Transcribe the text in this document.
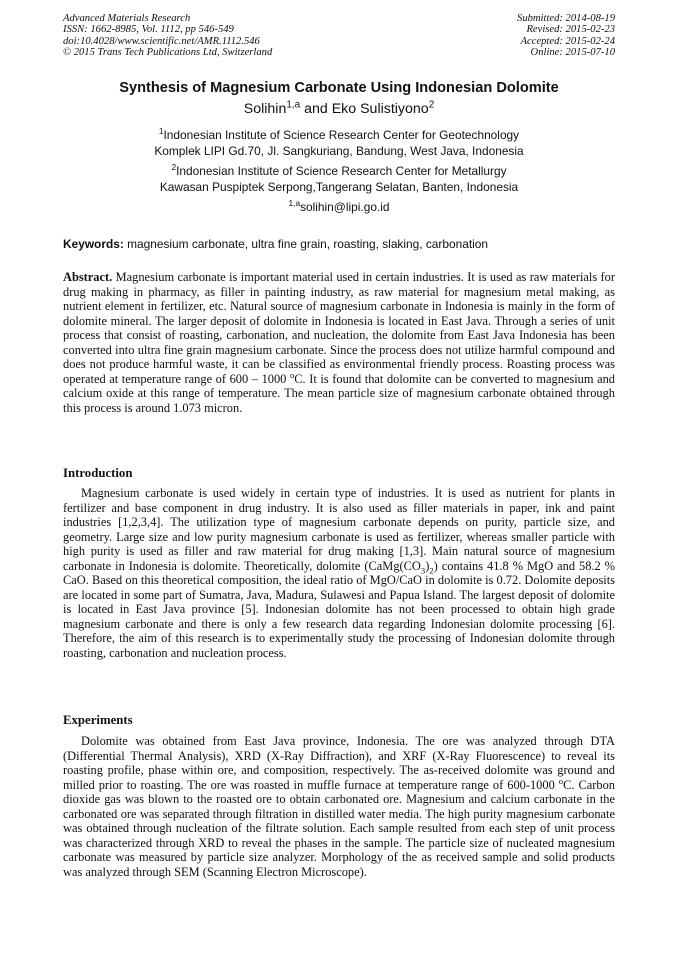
Advanced Materials Research
ISSN: 1662-8985, Vol. 1112, pp 546-549
doi:10.4028/www.scientific.net/AMR.1112.546
© 2015 Trans Tech Publications Ltd, Switzerland
Submitted: 2014-08-19
Revised: 2015-02-23
Accepted: 2015-02-24
Online: 2015-07-10
Synthesis of Magnesium Carbonate Using Indonesian Dolomite
Solihin$^{1,a}$ and Eko Sulistiyono$^2$
$^1$Indonesian Institute of Science Research Center for Geotechnology
Komplek LIPI Gd.70, Jl. Sangkuriang, Bandung, West Java, Indonesia
$^2$Indonesian Institute of Science Research Center for Metallurgy
Kawasan Puspiptek Serpong,Tangerang Selatan, Banten, Indonesia
$^{1,a}$solihin@lipi.go.id
Keywords: magnesium carbonate, ultra fine grain, roasting, slaking, carbonation
Abstract. Magnesium carbonate is important material used in certain industries. It is used as raw materials for drug making in pharmacy, as filler in painting industry, as raw material for magnesium metal making, as nutrient element in fertilizer, etc. Natural source of magnesium carbonate in Indonesia is mainly in the form of dolomite mineral. The larger deposit of dolomite in Indonesia is located in East Java. Through a series of unit process that consist of roasting, carbonation, and nucleation, the dolomite from East Java Indonesia has been converted into ultra fine grain magnesium carbonate. Since the process does not utilize harmful compound and does not produce harmful waste, it can be classified as environmental friendly process. Roasting process was operated at temperature range of 600 – 1000 $^o$C. It is found that dolomite can be converted to magnesium and calcium oxide at this range of temperature. The mean particle size of magnesium carbonate obtained through this process is around 1.073 micron.
Introduction
Magnesium carbonate is used widely in certain type of industries. It is used as nutrient for plants in fertilizer and base component in drug industry. It is also used as filler materials in paper, ink and paint industries [1,2,3,4]. The utilization type of magnesium carbonate depends on purity, particle size, and geometry. Large size and low purity magnesium carbonate is used as fertilizer, whereas smaller particle with high purity is used as filler and raw material for drug making [1,3]. Main natural source of magnesium carbonate in Indonesia is dolomite. Theoretically, dolomite $(CaMg(CO_3)_2)$ contains 41.8 % MgO and 58.2 % CaO. Based on this theoretical composition, the ideal ratio of MgO/CaO in dolomite is 0.72. Dolomite deposits are located in some part of Sumatra, Java, Madura, Sulawesi and Papua Island. The largest deposit of dolomite is located in East Java province [5]. Indonesian dolomite has not been processed to obtain high grade magnesium carbonate and there is only a few research data regarding Indonesian dolomite processing [6]. Therefore, the aim of this research is to experimentally study the processing of Indonesian dolomite through roasting, carbonation and nucleation process.
Experiments
Dolomite was obtained from East Java province, Indonesia. The ore was analyzed through DTA (Differential Thermal Analysis), XRD (X-Ray Diffraction), and XRF (X-Ray Fluorescence) to reveal its roasting profile, phase within ore, and composition, respectively. The as-received dolomite was ground and milled prior to roasting. The ore was roasted in muffle furnace at temperature range of 600-1000 $^o$C. Carbon dioxide gas was blown to the roasted ore to obtain carbonated ore. Magnesium and calcium carbonate in the carbonated ore was separated through filtration in distilled water media. The high purity magnesium carbonate was obtained through nucleation of the filtrate solution. Each sample resulted from each step of unit process was characterized through XRD to reveal the phases in the sample. The particle size of nucleated magnesium carbonate was measured by particle size analyzer. Morphology of the as received sample and solid products was analyzed through SEM (Scanning Electron Microscope).
